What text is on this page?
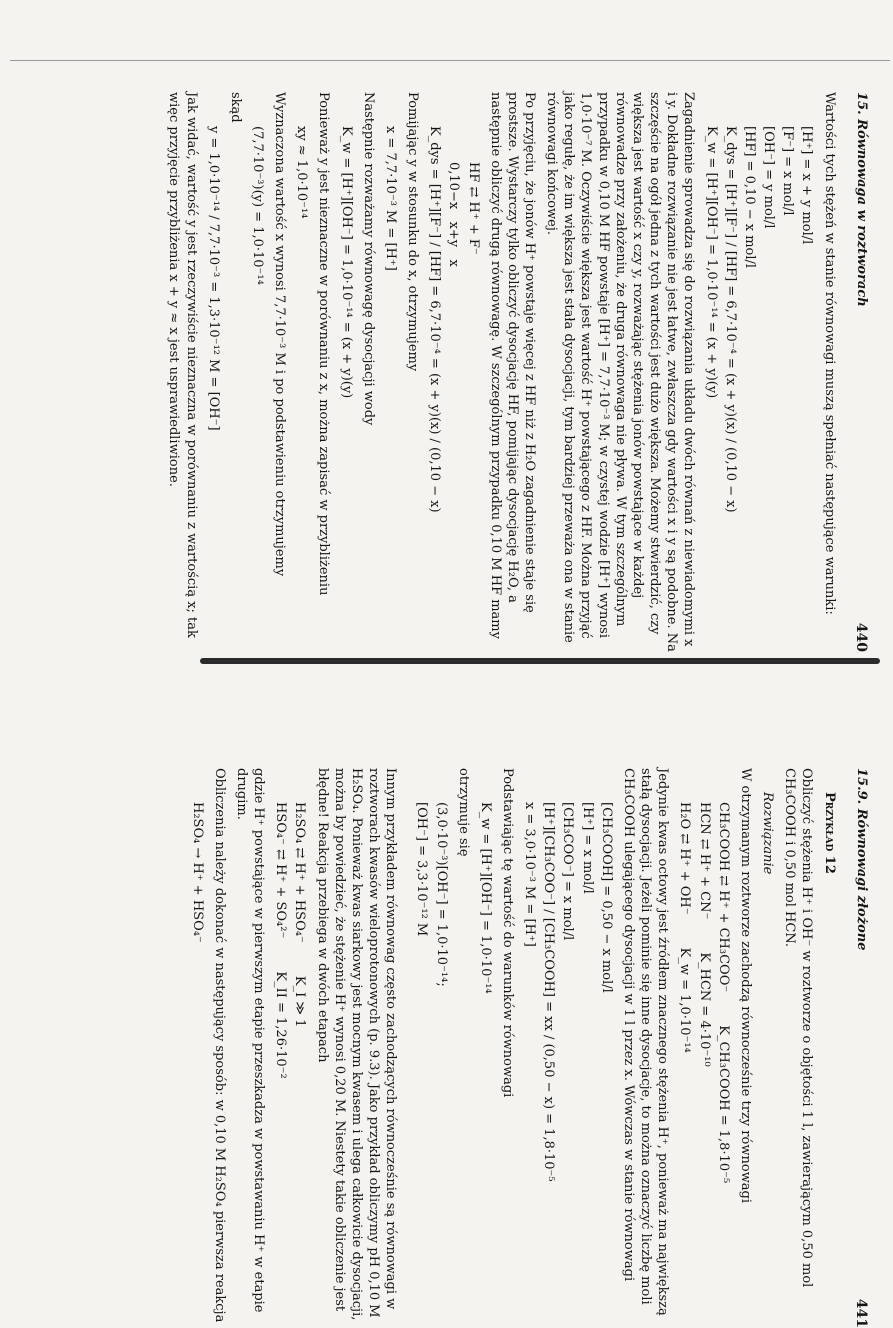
15. Równowaga w roztworach
440
Wartości tych stężeń w stanie równowagi muszą spełniać następujące warunki:
[H⁺] = x + y mol/l
[F⁻] = x mol/l
[OH⁻] = y mol/l
[HF] = 0,10 − x mol/l
K_dys = [H⁺][F⁻] / [HF] = 6,7·10⁻⁴ = (x + y)(x) / (0,10 − x)
K_w = [H⁺][OH⁻] = 1,0·10⁻¹⁴ = (x + y)(y)
Zagadnienie sprowadza się do rozwiązania układu dwóch równań z niewiadomymi x i y. Dokładne rozwiązanie nie jest łatwe, zwłaszcza gdy wartości x i y są podobne. Na szczęście na ogół jedna z tych wartości jest dużo większa. Możemy stwierdzić, czy większa jest wartość x czy y, rozważając stężenia jonów powstające w każdej równowadze przy założeniu, że druga równowaga nie pływa. W tym szczególnym przypadku w 0,10 M HF powstaje [H⁺] = 7,7·10⁻³ M; w czystej wodzie [H⁺] wynosi 1,0·10⁻⁷ M. Oczywiście większa jest wartość H⁺ powstającego z HF. Można przyjąć jako regułę, że im większa jest stała dysocjacji, tym bardziej przeważa ona w stanie równowagi końcowej.
Po przyjęciu, że jonów H⁺ powstaje więcej z HF niż z H₂O zagadnienie staje się prostsze. Wystarczy tylko obliczyć dysocjację HF, pomijając dysocjację H₂O, a następnie obliczyć drugą równowagę. W szczególnym przypadku 0,10 M HF mamy
HF ⇄ H⁺ + F⁻
0,10−x   x+y   x
K_dys = [H⁺][F⁻] / [HF] = 6,7·10⁻⁴ = (x + y)(x) / (0,10 − x)
Pomijając y w stosunku do x, otrzymujemy
x = 7,7·10⁻³ M = [H⁺]
Następnie rozważamy równowagę dysocjacji wody
K_w = [H⁺][OH⁻] = 1,0·10⁻¹⁴ = (x + y)(y)
Ponieważ y jest nieznaczne w porównaniu z x, można zapisać w przybliżeniu
xy ≈ 1,0·10⁻¹⁴
Wyznaczona wartość x wynosi 7,7·10⁻³ M i po podstawieniu otrzymujemy
(7,7·10⁻³)(y) = 1,0·10⁻¹⁴
skąd
y = 1,0·10⁻¹⁴ / 7,7·10⁻³ = 1,3·10⁻¹² M = [OH⁻]
Jak widać, wartość y jest rzeczywiście nieznaczna w porównaniu z wartością x; tak więc przyjęcie przybliżenia x + y ≈ x jest usprawiedliwione.
15.9. Równowagi złożone
441
Przykład 12
Obliczyć stężenia H⁺ i OH⁻ w roztworze o objętości 1 l, zawierającym 0,50 mol CH₃COOH i 0,50 mol HCN.
Rozwiązanie
W otrzymanym roztworze zachodzą równocześnie trzy równowagi
CH₃COOH ⇄ H⁺ + CH₃COO⁻        K_CH₃COOH = 1,8·10⁻⁵
HCN ⇄ H⁺ + CN⁻        K_HCN = 4·10⁻¹⁰
H₂O ⇄ H⁺ + OH⁻        K_w = 1,0·10⁻¹⁴
Jedynie kwas octowy jest źródłem znacznego stężenia H⁺, ponieważ ma największą stałą dysocjacji. Jeżeli pominie się inne dysocjacje, to można oznaczyć liczbę moli CH₃COOH ulegającego dysocjacji w 1 l przez x. Wówczas w stanie równowagi
[CH₃COOH] = 0,50 − x mol/l
[H⁺] = x mol/l
[CH₃COO⁻] = x mol/l
[H⁺][CH₃COO⁻] / [CH₃COOH] = xx / (0,50 − x) = 1,8·10⁻⁵
x = 3,0·10⁻³ M = [H⁺]
Podstawiając tę wartość do warunków równowagi
K_w = [H⁺][OH⁻] = 1,0·10⁻¹⁴
otrzymuje się
(3,0·10⁻³)[OH⁻] = 1,0·10⁻¹⁴;
[OH⁻] = 3,3·10⁻¹² M
Innym przykładem równowag często zachodzących równocześnie są równowagi w roztworach kwasów wieloprotonowych (p. 9.3). Jako przykład obliczymy pH 0,10 M H₂SO₄. Ponieważ kwas siarkowy jest mocnym kwasem i ulega całkowicie dysocjacji, można by powiedzieć, że stężenie H⁺ wynosi 0,20 M. Niestety takie obliczenie jest błędne! Reakcja przebiega w dwóch etapach
H₂SO₄ ⇄ H⁺ + HSO₄⁻        K_I ≫ 1
HSO₄⁻ ⇄ H⁺ + SO₄²⁻        K_II = 1,26·10⁻²
gdzie H⁺ powstające w pierwszym etapie przeszkadza w powstawaniu H⁺ w etapie drugim.
Obliczenia należy dokonać w następujący sposób: w 0,10 M H₂SO₄ pierwsza reakcja
H₂SO₄ → H⁺ + HSO₄⁻
